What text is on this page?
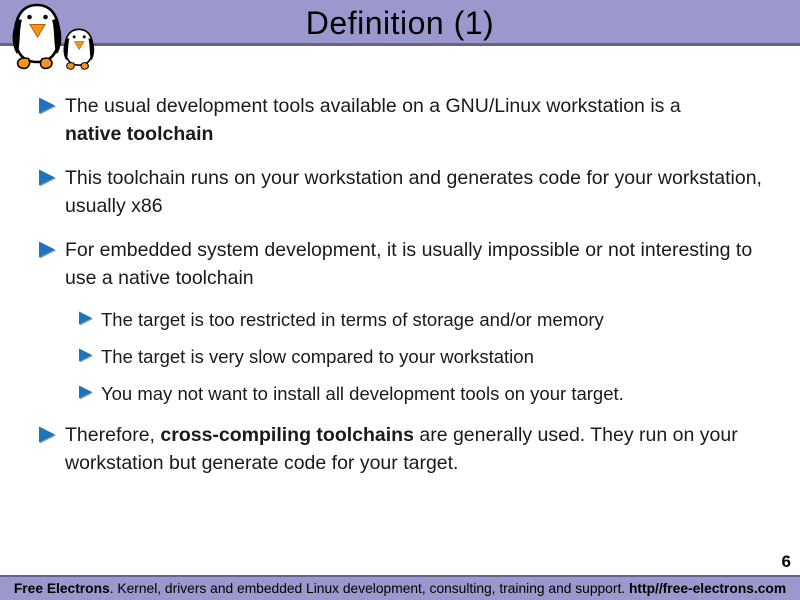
Definition (1)
The usual development tools available on a GNU/Linux workstation is a native toolchain
This toolchain runs on your workstation and generates code for your workstation, usually x86
For embedded system development, it is usually impossible or not interesting to use a native toolchain
The target is too restricted in terms of storage and/or memory
The target is very slow compared to your workstation
You may not want to install all development tools on your target.
Therefore, cross-compiling toolchains are generally used. They run on your workstation but generate code for your target.
6
Free Electrons. Kernel, drivers and embedded Linux development, consulting, training and support. http//free-electrons.com
